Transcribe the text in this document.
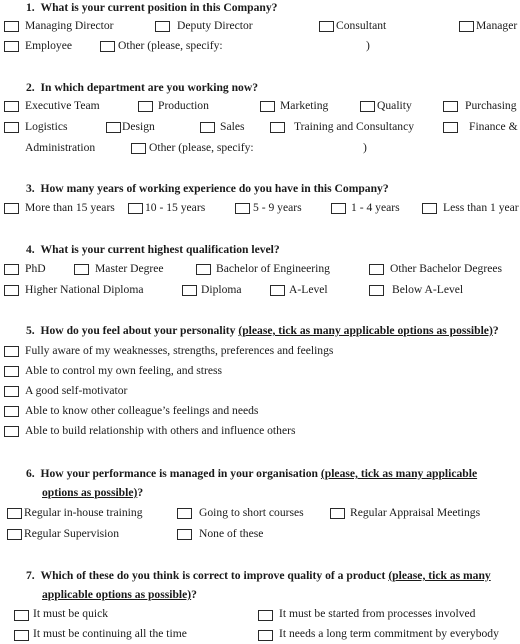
1.  What is your current position in this Company?
Managing Director	Deputy Director	Consultant	Manager
Employee	Other (please, specify:	)
2.  In which department are you working now?
Executive Team	Production	Marketing	Quality	Purchasing
Logistics	Design	Sales	Training and Consultancy	Finance &
Administration	Other (please, specify:	)
3.  How many years of working experience do you have in this Company?
More than 15 years	10 - 15 years	5 - 9 years	1 - 4 years	Less than 1 year
4.  What is your current highest qualification level?
PhD	Master Degree	Bachelor of Engineering	Other Bachelor Degrees
Higher National Diploma	Diploma	A-Level	Below A-Level
5.  How do you feel about your personality (please, tick as many applicable options as possible)?
Fully aware of my weaknesses, strengths, preferences and feelings
Able to control my own feeling, and stress
A good self-motivator
Able to know other colleague’s feelings and needs
Able to build relationship with others and influence others
6.  How your performance is managed in your organisation (please, tick as many applicable
options as possible)?
Regular in-house training	Going to short courses	Regular Appraisal Meetings
Regular Supervision	None of these
7.  Which of these do you think is correct to improve quality of a product (please, tick as many
applicable options as possible)?
It must be quick	It must be started from processes involved
It must be continuing all the time	It needs a long term commitment by everybody
